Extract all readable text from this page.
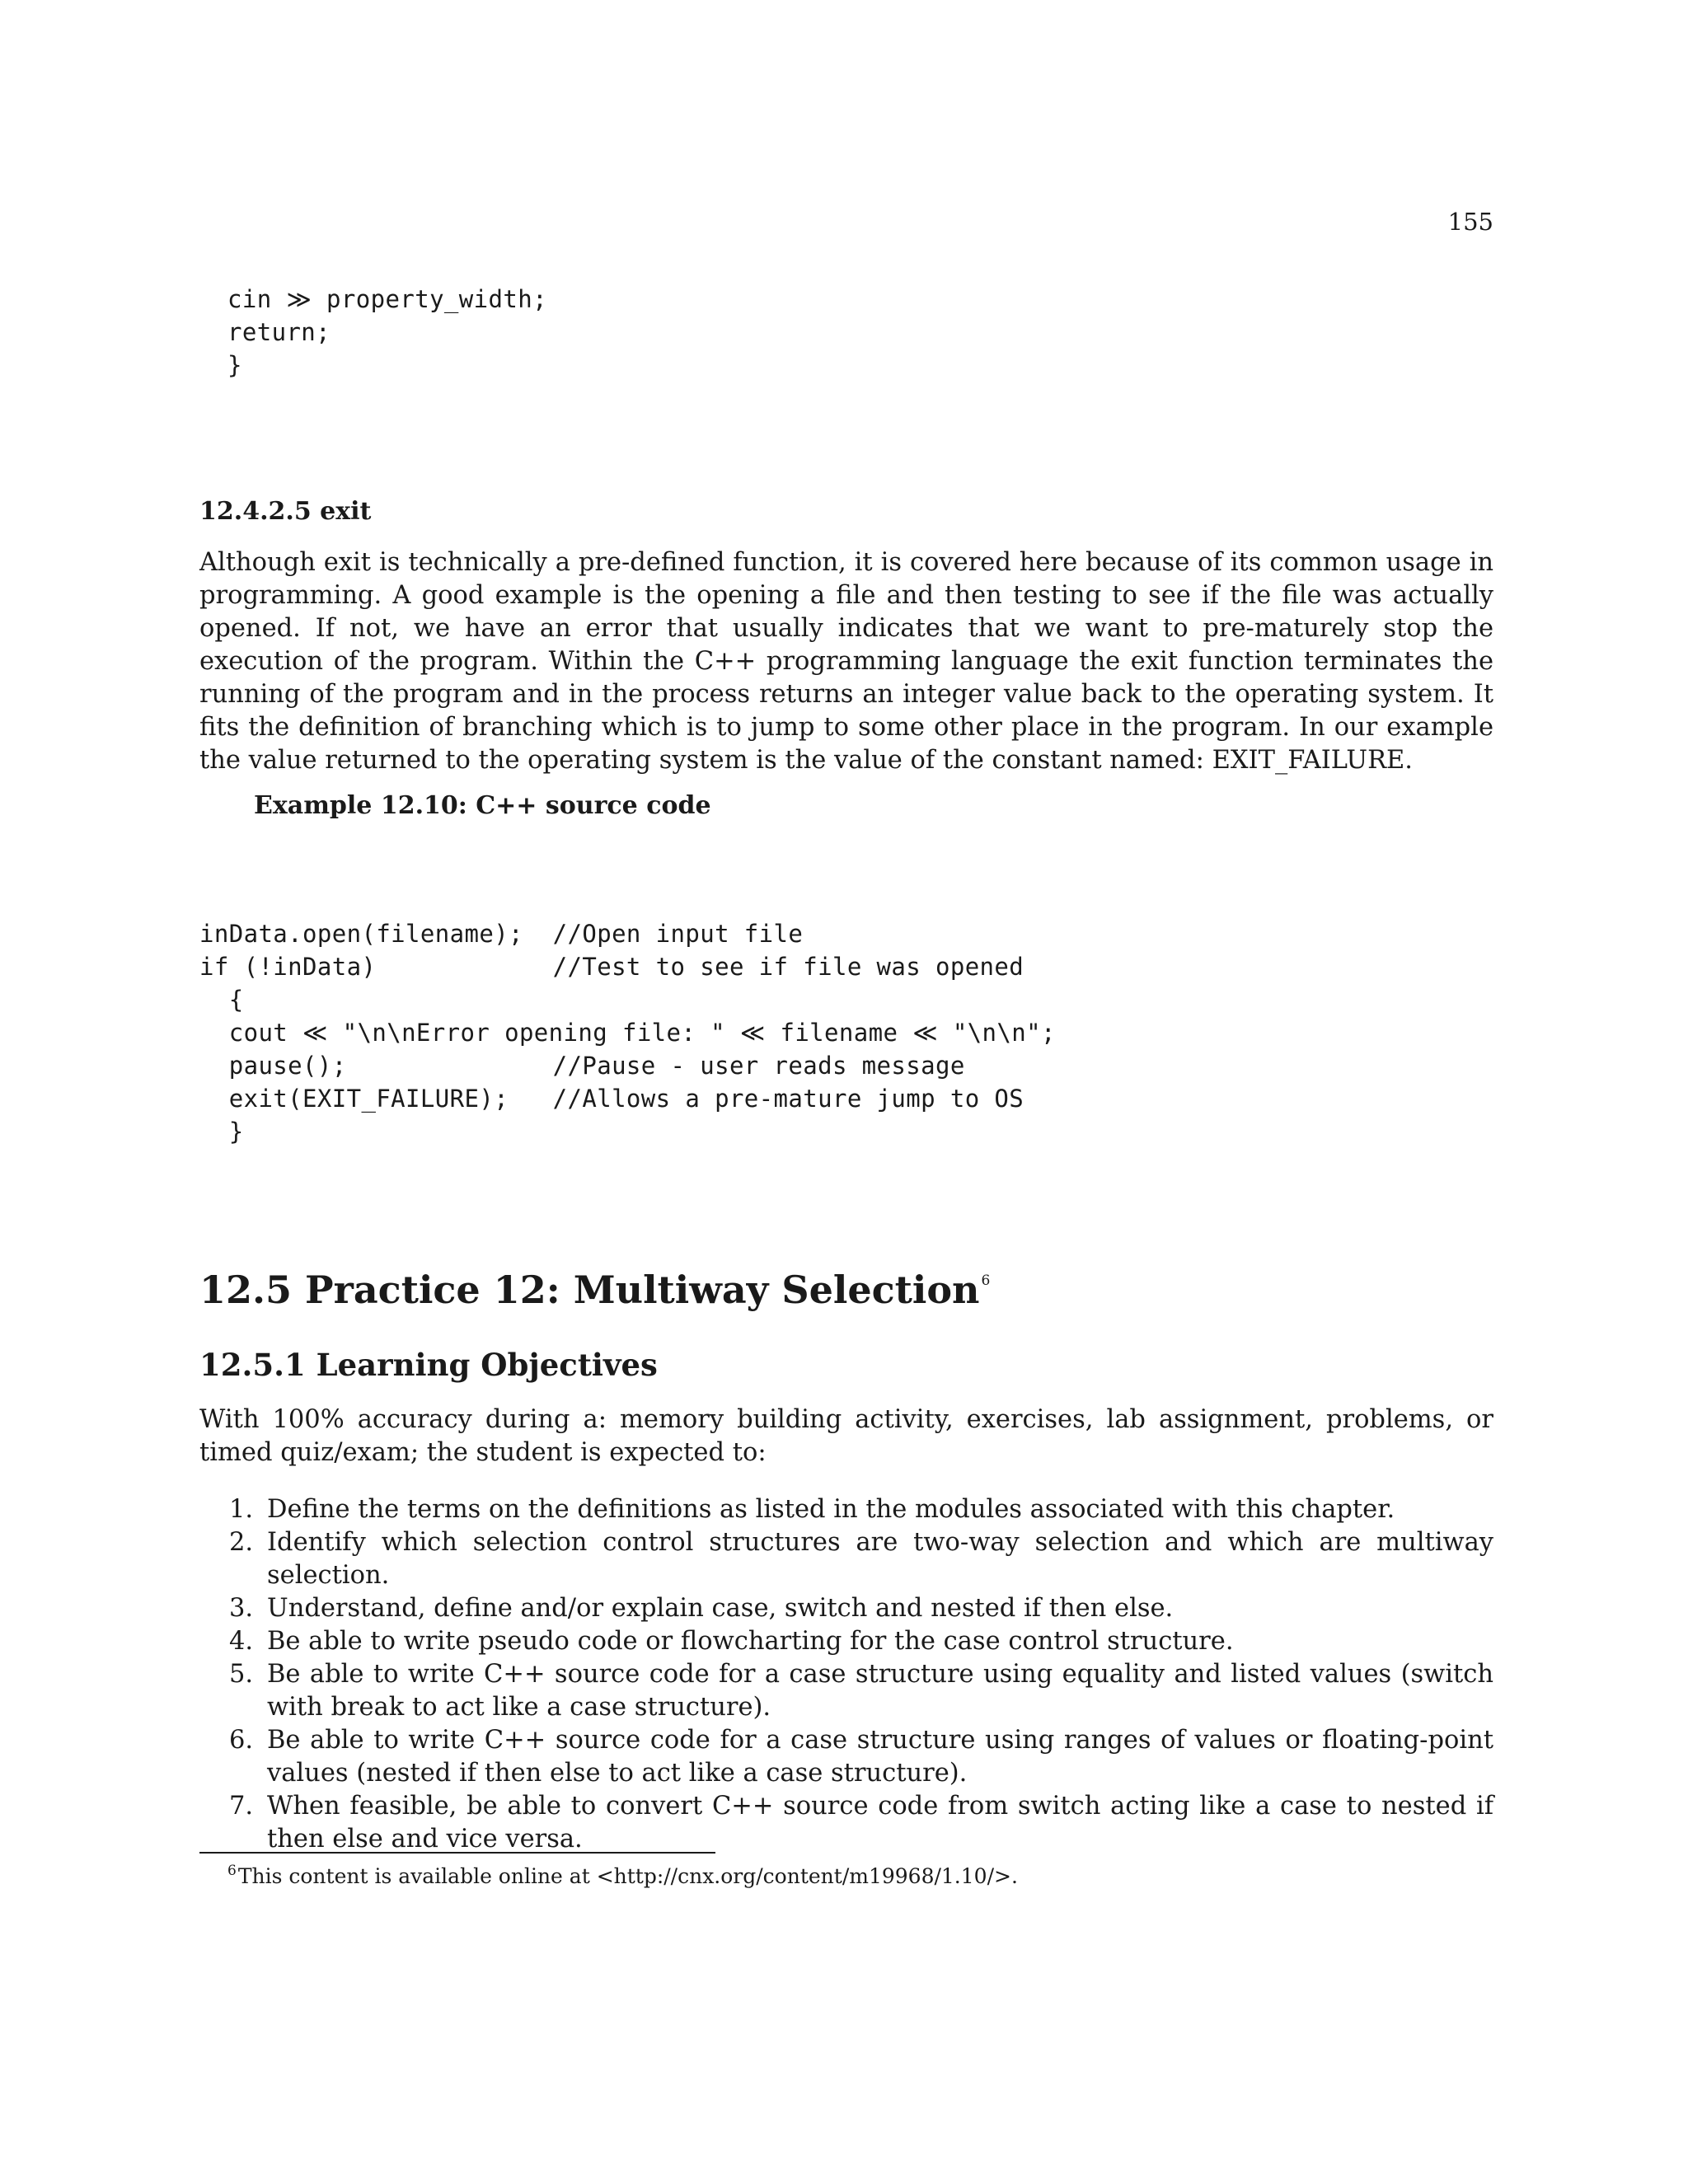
155
cin ≫ property_width;
return;
}
12.4.2.5 exit

Although exit is technically a pre-defined function, it is covered here because of its common usage in programming. A good example is the opening a file and then testing to see if the file was actually opened. If not, we have an error that usually indicates that we want to pre-maturely stop the execution of the program. Within the C++ programming language the exit function terminates the running of the program and in the process returns an integer value back to the operating system. It fits the definition of branching which is to jump to some other place in the program. In our example the value returned to the operating system is the value of the constant named: EXIT_FAILURE.

Example 12.10: C++ source code
inData.open(filename);  //Open input file
if (!inData)            //Test to see if file was opened
{
cout ≪ "\n\nError opening file: " ≪ filename ≪ "\n\n";
pause();              //Pause - user reads message
exit(EXIT_FAILURE);   //Allows a pre-mature jump to OS
}
12.5 Practice 12: Multiway Selection $^6$
12.5.1 Learning Objectives

With 100% accuracy during a: memory building activity, exercises, lab assignment, problems, or timed quiz/exam; the student is expected to:

1. Define the terms on the definitions as listed in the modules associated with this chapter.
2. Identify which selection control structures are two-way selection and which are multiway selection.
3. Understand, define and/or explain case, switch and nested if then else.
4. Be able to write pseudo code or flowcharting for the case control structure.
5. Be able to write C++ source code for a case structure using equality and listed values (switch with break to act like a case structure).
6. Be able to write C++ source code for a case structure using ranges of values or floating-point values (nested if then else to act like a case structure).
7. When feasible, be able to convert C++ source code from switch acting like a case to nested if then else and vice versa.

$^6$This content is available online at <http://cnx.org/content/m19968/1.10/>.
